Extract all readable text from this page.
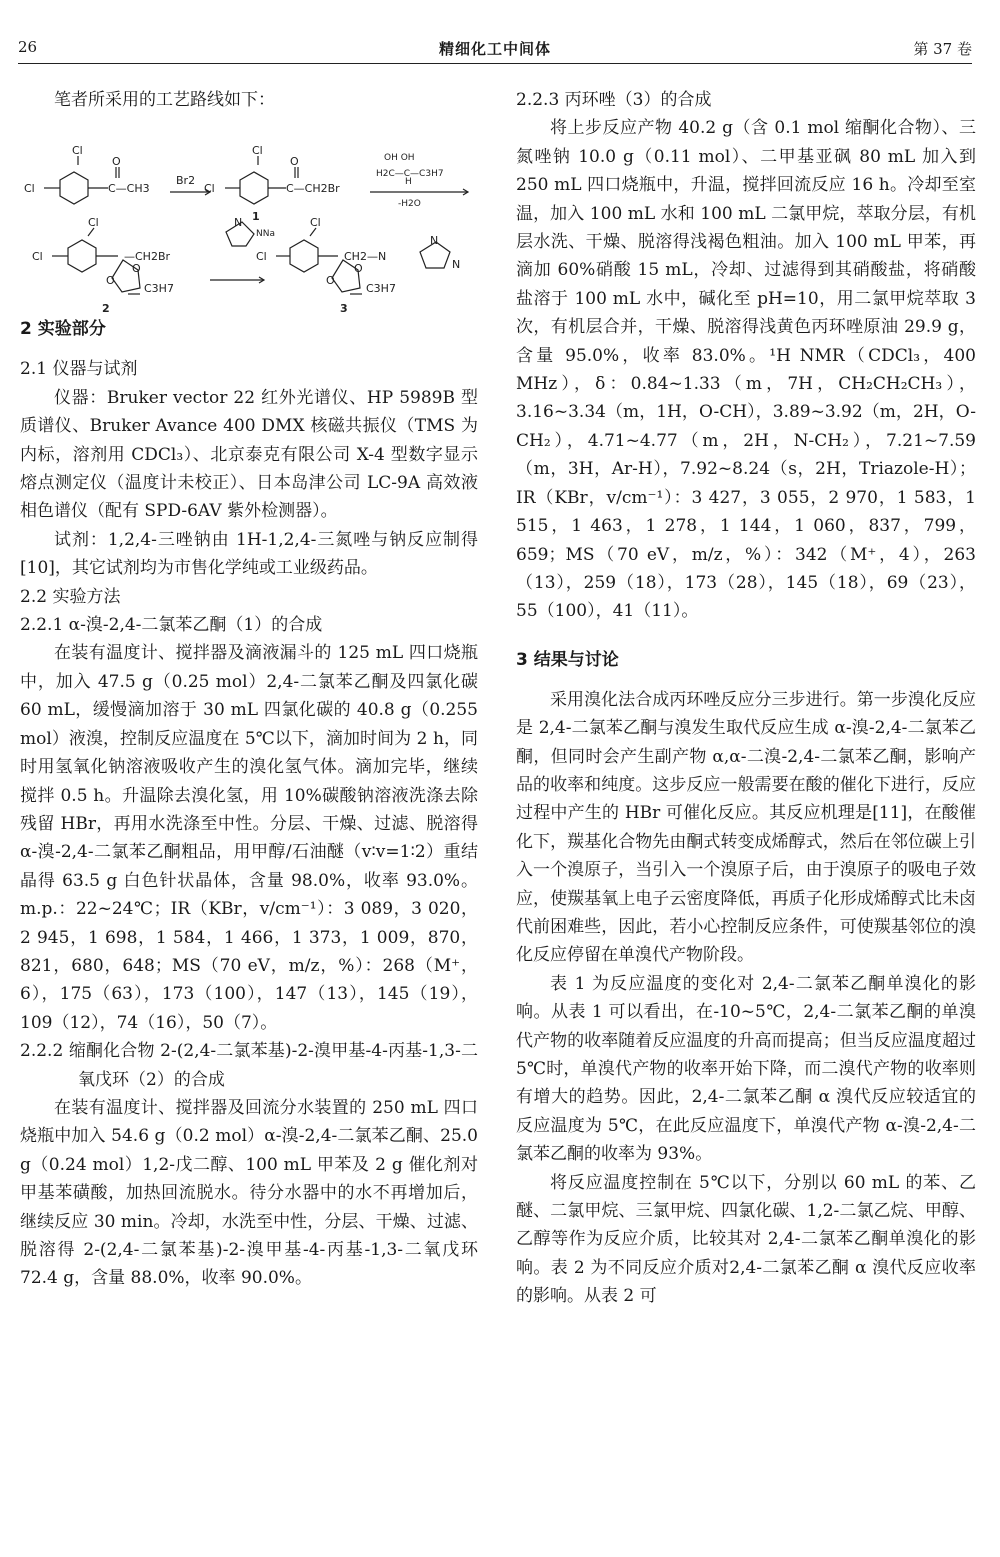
26	精细化工中间体	第 37 卷

笔者所采用的工艺路线如下：

Cl
Cl
O
C—CH3
Br2
Cl
Cl
O
C—CH2Br
1
OH OH
H2C—C—C3H7
H
-H2O
Cl
Cl	—CH2Br
O
O
C3H7
2
N
NNa
Cl
Cl	CH2—N
O
O
C3H7
N
N
3
2 实验部分

2.1 仪器与试剂

仪器：Bruker vector 22 红外光谱仪、HP 5989B 型质谱仪、Bruker Avance 400 DMX 核磁共振仪（TMS 为内标，溶剂用 CDCl₃）、北京泰克有限公司 X-4 型数字显示熔点测定仪（温度计未校正）、日本岛津公司 LC-9A 高效液相色谱仪（配有 SPD-6AV 紫外检测器）。

试剂：1,2,4-三唑钠由 1H-1,2,4-三氮唑与钠反应制得[10]，其它试剂均为市售化学纯或工业级药品。

2.2 实验方法

2.2.1 α-溴-2,4-二氯苯乙酮（1）的合成

在装有温度计、搅拌器及滴液漏斗的 125 mL 四口烧瓶中，加入 47.5 g（0.25 mol）2,4-二氯苯乙酮及四氯化碳 60 mL，缓慢滴加溶于 30 mL 四氯化碳的 40.8 g（0.255 mol）液溴，控制反应温度在 5℃以下，滴加时间为 2 h，同时用氢氧化钠溶液吸收产生的溴化氢气体。滴加完毕，继续搅拌 0.5 h。升温除去溴化氢，用 10%碳酸钠溶液洗涤去除残留 HBr，再用水洗涤至中性。分层、干燥、过滤、脱溶得 α-溴-2,4-二氯苯乙酮粗品，用甲醇/石油醚（v∶v=1∶2）重结晶得 63.5 g 白色针状晶体，含量 98.0%，收率 93.0%。m.p.：22~24℃；IR（KBr，v/cm⁻¹）：3 089，3 020，2 945，1 698，1 584，1 466，1 373，1 009，870，821，680，648；MS（70 eV，m/z，%）：268（M⁺，6），175（63），173（100），147（13），145（19），109（12），74（16），50（7）。

2.2.2 缩酮化合物 2-(2,4-二氯苯基)-2-溴甲基-4-丙基-1,3-二氧戊环（2）的合成

在装有温度计、搅拌器及回流分水装置的 250 mL 四口烧瓶中加入 54.6 g（0.2 mol）α-溴-2,4-二氯苯乙酮、25.0 g（0.24 mol）1,2-戊二醇、100 mL 甲苯及 2 g 催化剂对甲基苯磺酸，加热回流脱水。待分水器中的水不再增加后，继续反应 30 min。冷却，水洗至中性，分层、干燥、过滤、脱溶得 2-(2,4-二氯苯基)-2-溴甲基-4-丙基-1,3-二氧戊环 72.4 g，含量 88.0%，收率 90.0%。

2.2.3 丙环唑（3）的合成

将上步反应产物 40.2 g（含 0.1 mol 缩酮化合物）、三氮唑钠 10.0 g（0.11 mol）、二甲基亚砜 80 mL 加入到 250 mL 四口烧瓶中，升温，搅拌回流反应 16 h。冷却至室温，加入 100 mL 水和 100 mL 二氯甲烷，萃取分层，有机层水洗、干燥、脱溶得浅褐色粗油。加入 100 mL 甲苯，再滴加 60%硝酸 15 mL，冷却、过滤得到其硝酸盐，将硝酸盐溶于 100 mL 水中，碱化至 pH=10，用二氯甲烷萃取 3 次，有机层合并，干燥、脱溶得浅黄色丙环唑原油 29.9 g，含量 95.0%，收率 83.0%。¹H NMR（CDCl₃，400 MHz），δ：0.84~1.33（m，7H，CH₂CH₂CH₃），3.16~3.34（m，1H，O-CH），3.89~3.92（m，2H，O-CH₂），4.71~4.77（m，2H，N-CH₂），7.21~7.59（m，3H，Ar-H），7.92~8.24（s，2H，Triazole-H）；IR（KBr，v/cm⁻¹）：3 427，3 055，2 970，1 583，1 515，1 463，1 278，1 144，1 060，837，799，659；MS（70 eV，m/z，%）：342（M⁺，4），263（13），259（18），173（28），145（18），69（23），55（100），41（11）。

3 结果与讨论

采用溴化法合成丙环唑反应分三步进行。第一步溴化反应是 2,4-二氯苯乙酮与溴发生取代反应生成 α-溴-2,4-二氯苯乙酮，但同时会产生副产物 α,α-二溴-2,4-二氯苯乙酮，影响产品的收率和纯度。这步反应一般需要在酸的催化下进行，反应过程中产生的 HBr 可催化反应。其反应机理是[11]，在酸催化下，羰基化合物先由酮式转变成烯醇式，然后在邻位碳上引入一个溴原子，当引入一个溴原子后，由于溴原子的吸电子效应，使羰基氧上电子云密度降低，再质子化形成烯醇式比未卤代前困难些，因此，若小心控制反应条件，可使羰基邻位的溴化反应停留在单溴代产物阶段。

表 1 为反应温度的变化对 2,4-二氯苯乙酮单溴化的影响。从表 1 可以看出，在-10~5℃，2,4-二氯苯乙酮的单溴代产物的收率随着反应温度的升高而提高；但当反应温度超过 5℃时，单溴代产物的收率开始下降，而二溴代产物的收率则有增大的趋势。因此，2,4-二氯苯乙酮 α 溴代反应较适宜的反应温度为 5℃，在此反应温度下，单溴代产物 α-溴-2,4-二氯苯乙酮的收率为 93%。

将反应温度控制在 5℃以下，分别以 60 mL 的苯、乙醚、二氯甲烷、三氯甲烷、四氯化碳、1,2-二氯乙烷、甲醇、乙醇等作为反应介质，比较其对 2,4-二氯苯乙酮单溴化的影响。表 2 为不同反应介质对2,4-二氯苯乙酮 α 溴代反应收率的影响。从表 2 可
